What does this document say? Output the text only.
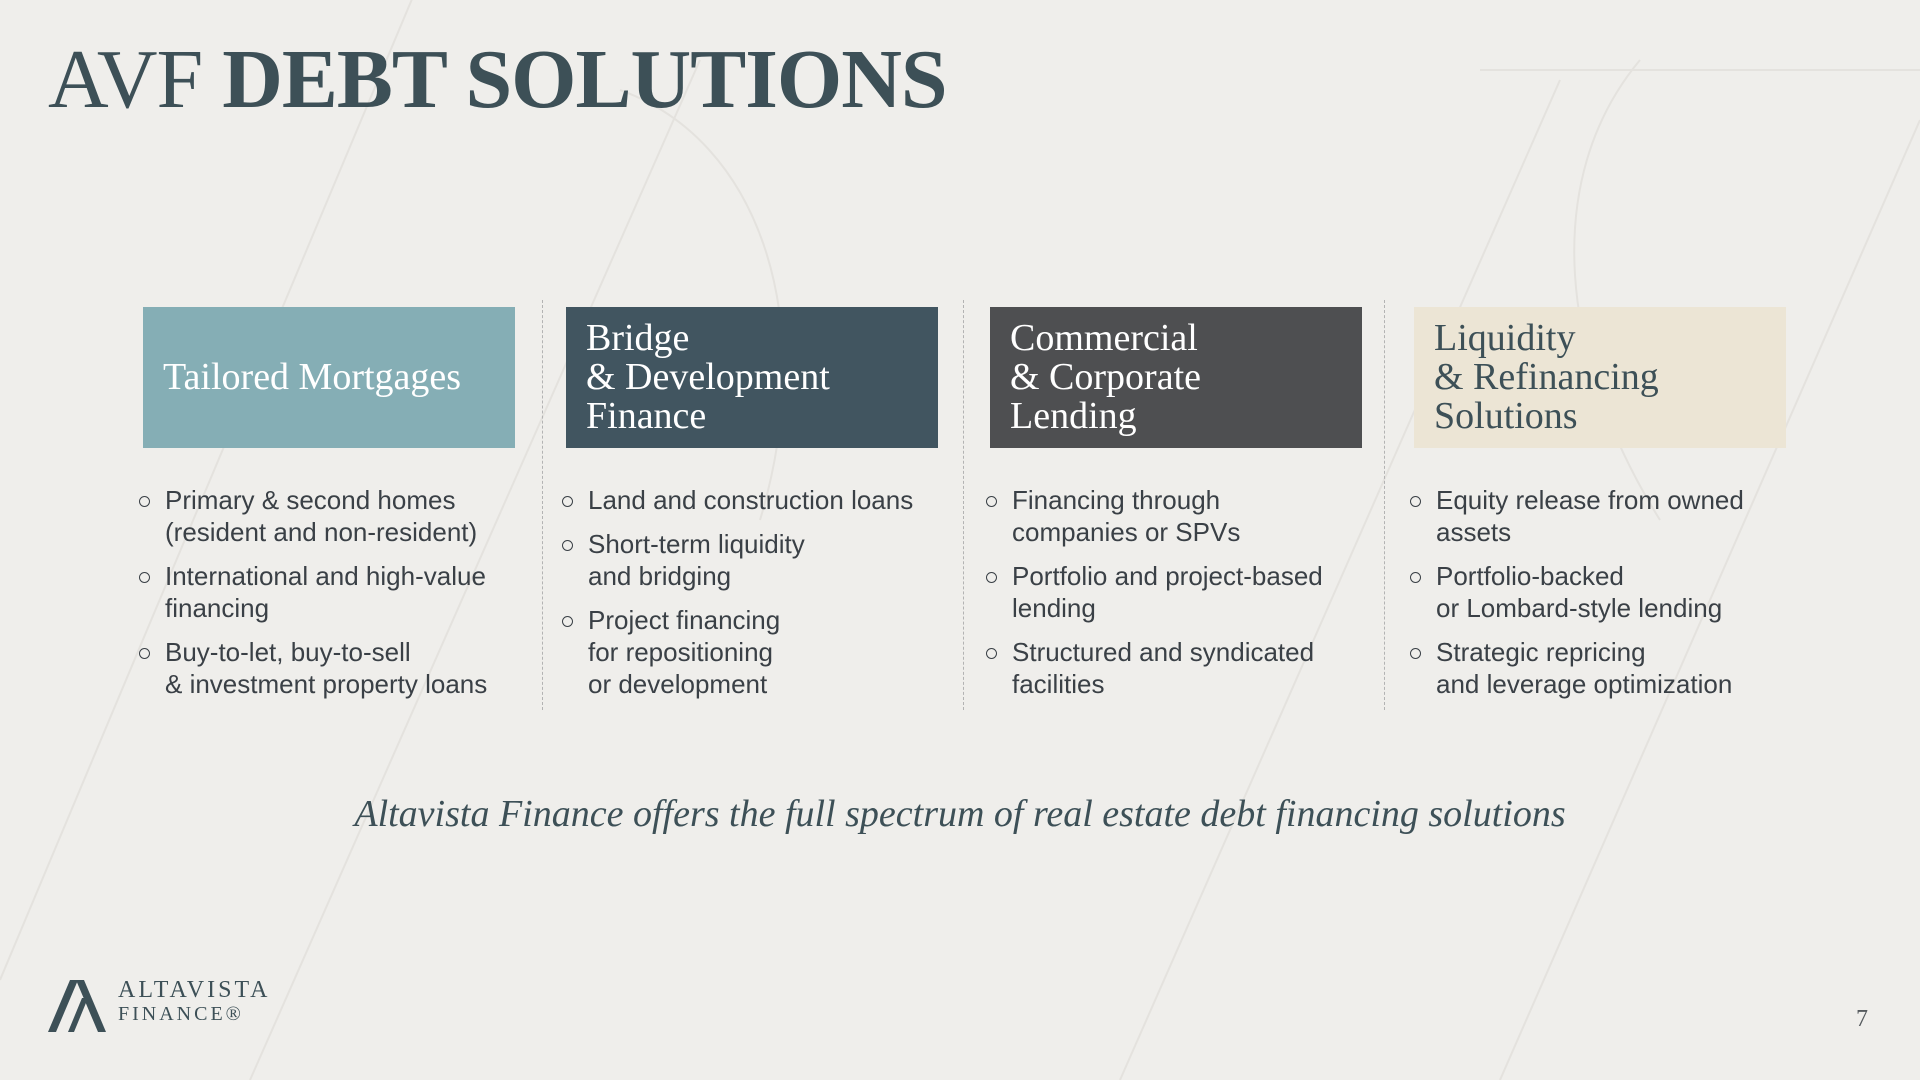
AVF DEBT SOLUTIONS
Tailored Mortgages
Primary & second homes
(resident and non-resident)
International and high-value
financing
Buy-to-let, buy-to-sell
& investment property loans
Bridge
& Development
Finance
Land and construction loans
Short-term liquidity
and bridging
Project financing
for repositioning
or development
Commercial
& Corporate
Lending
Financing through
companies or SPVs
Portfolio and project-based
lending
Structured and syndicated
facilities
Liquidity
& Refinancing
Solutions
Equity release from owned
assets
Portfolio-backed
or Lombard-style lending
Strategic repricing
and leverage optimization
Altavista Finance offers the full spectrum of real estate debt financing solutions
ALTAVISTA
FINANCE®	7
